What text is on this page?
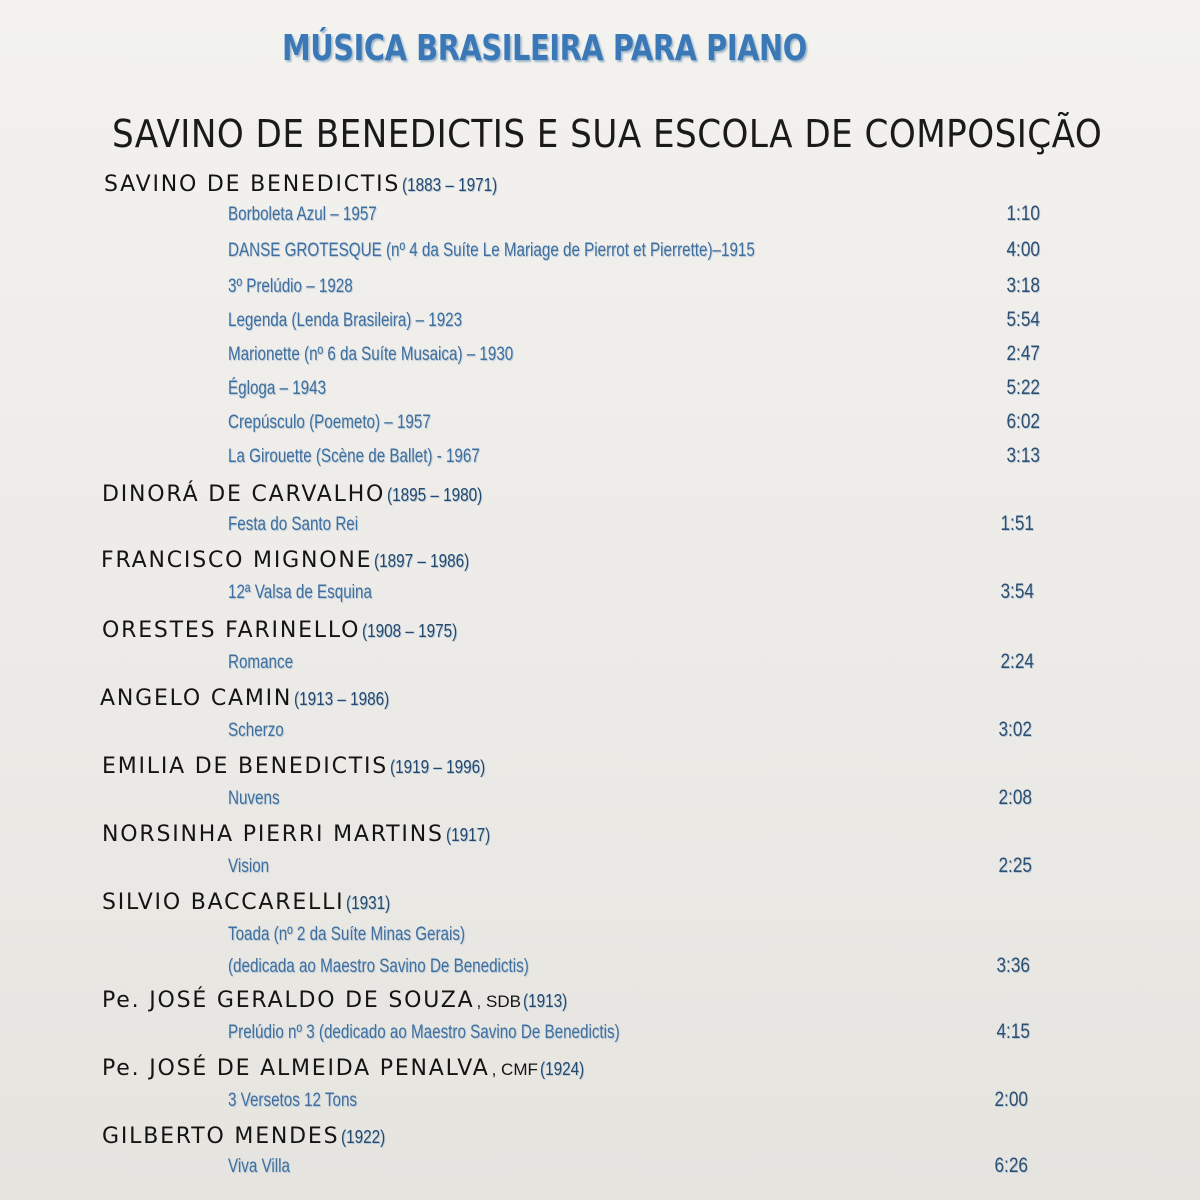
MÚSICA BRASILEIRA PARA PIANO
SAVINO DE BENEDICTIS E SUA ESCOLA DE COMPOSIÇÃO
SAVINO DE BENEDICTIS (1883 – 1971)
Borboleta Azul – 1957	1:10
DANSE GROTESQUE (nº 4 da Suíte Le Mariage de Pierrot et Pierrette)–1915	4:00
3º Prelúdio – 1928	3:18
Legenda (Lenda Brasileira) – 1923	5:54
Marionette (nº 6 da Suíte Musaica) – 1930	2:47
Égloga – 1943	5:22
Crepúsculo (Poemeto) – 1957	6:02
La Girouette (Scène de Ballet) - 1967	3:13
DINORÁ DE CARVALHO (1895 – 1980)
Festa do Santo Rei	1:51
FRANCISCO MIGNONE (1897 – 1986)
12ª Valsa de Esquina	3:54
ORESTES FARINELLO (1908 – 1975)
Romance	2:24
ANGELO CAMIN (1913 – 1986)
Scherzo	3:02
EMILIA DE BENEDICTIS (1919 – 1996)
Nuvens	2:08
NORSINHA PIERRI MARTINS (1917)
Vision	2:25
SILVIO BACCARELLI (1931)
Toada (nº 2 da Suíte Minas Gerais)
(dedicada ao Maestro Savino De Benedictis)	3:36
Pe. JOSÉ GERALDO DE SOUZA , SDB (1913)
Prelúdio nº 3 (dedicado ao Maestro Savino De Benedictis)	4:15
Pe. JOSÉ DE ALMEIDA PENALVA , CMF (1924)
3 Versetos 12 Tons	2:00
GILBERTO MENDES (1922)
Viva Villa	6:26
